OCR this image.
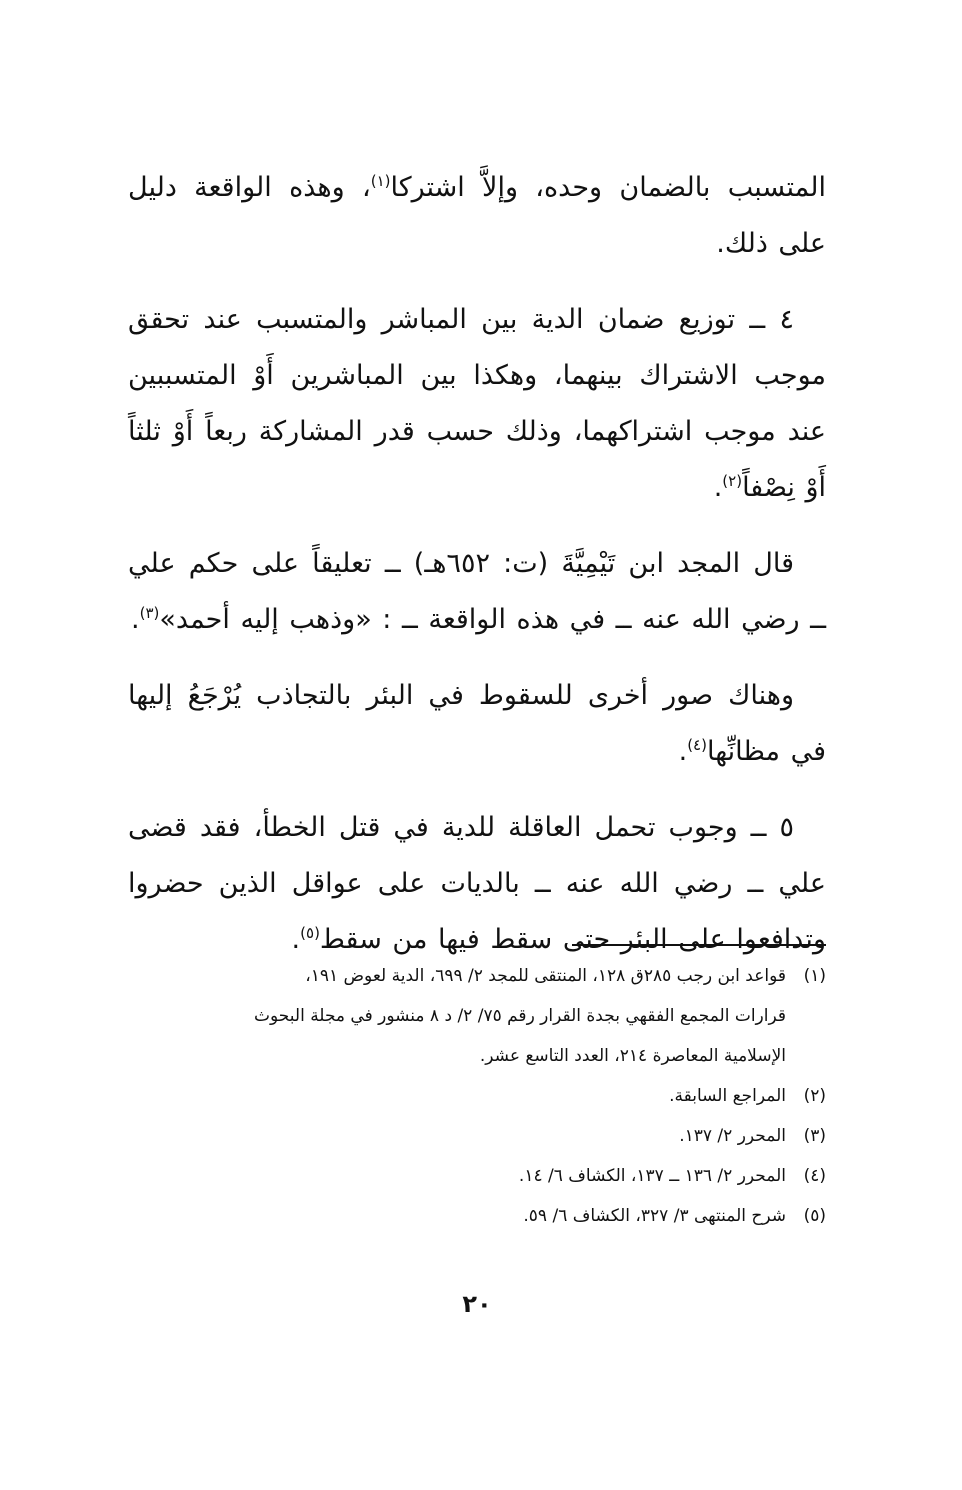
المتسبب بالضمان وحده، وإلاَّ اشتركا$^{(١)}$، وهذه الواقعة دليل على ذلك.

٤ ــ توزيع ضمان الدية بين المباشر والمتسبب عند تحقق موجب الاشتراك بينهما، وهكذا بين المباشرين أَوْ المتسببين عند موجب اشتراكهما، وذلك حسب قدر المشاركة ربعاً أَوْ ثلثاً أَوْ نِصْفاً$^{(٢)}$.

قال المجد ابن تَيْمِيَّةَ (ت: ٦٥٢هـ) ــ تعليقاً على حكم علي ــ رضي الله عنه ــ في هذه الواقعة ــ : «وذهب إليه أحمد»$^{(٣)}$.

وهناك صور أخرى للسقوط في البئر بالتجاذب يُرْجَعُ إليها في مظانِّها$^{(٤)}$.

٥ ــ وجوب تحمل العاقلة للدية في قتل الخطأ، فقد قضى علي ــ رضي الله عنه ــ بالديات على عواقل الذين حضروا وتدافعوا على البئر حتى سقط فيها من سقط$^{(٥)}$.

(١)قواعد ابن رجب ٢٨٥ق ١٢٨، المنتقى للمجد ٢/ ٦٩٩، الدية لعوض ١٩١،

قرارات المجمع الفقهي بجدة القرار رقم ٧٥/ ٢/ د ٨ منشور في مجلة البحوث

الإسلامية المعاصرة ٢١٤، العدد التاسع عشر.

(٢)المراجع السابقة.

(٣)المحرر ٢/ ١٣٧.

(٤)المحرر ٢/ ١٣٦ ــ ١٣٧، الكشاف ٦/ ١٤.

(٥)شرح المنتهى ٣/ ٣٢٧، الكشاف ٦/ ٥٩.

٢٠
